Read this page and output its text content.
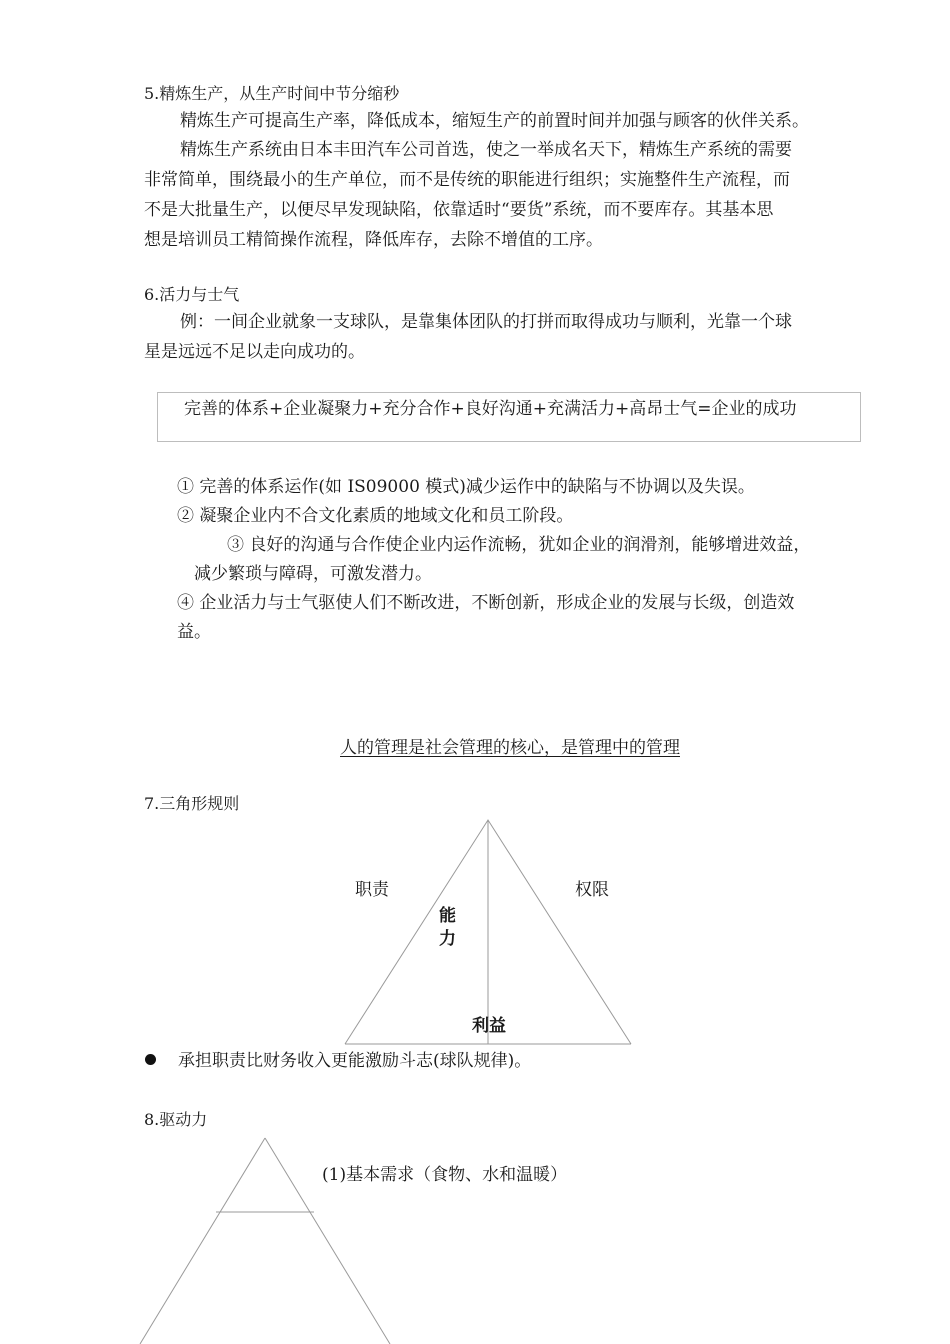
5.精炼生产，从生产时间中节分缩秒
精炼生产可提高生产率，降低成本，缩短生产的前置时间并加强与顾客的伙伴关系。
精炼生产系统由日本丰田汽车公司首选，使之一举成名天下，精炼生产系统的需要
非常简单，围绕最小的生产单位，而不是传统的职能进行组织；实施整件生产流程，而
不是大批量生产，以便尽早发现缺陷，依靠适时“要货”系统，而不要库存。其基本思
想是培训员工精简操作流程，降低库存，去除不增值的工序。
6.活力与士气
例：一间企业就象一支球队，是靠集体团队的打拼而取得成功与顺利，光靠一个球
星是远远不足以走向成功的。
完善的体系+企业凝聚力+充分合作+良好沟通+充满活力+高昂士气=企业的成功
① 完善的体系运作(如 IS09000 模式)减少运作中的缺陷与不协调以及失误。
② 凝聚企业内不合文化素质的地域文化和员工阶段。
③ 良好的沟通与合作使企业内运作流畅，犹如企业的润滑剂，能够增进效益，
减少繁琐与障碍，可激发潜力。
④ 企业活力与士气驱使人们不断改进，不断创新，形成企业的发展与长级，创造效
益。
人的管理是社会管理的核心，是管理中的管理
7.三角形规则
职责	权限
能
力
利益
承担职责比财务收入更能激励斗志(球队规律)。
8.驱动力
(1)基本需求（食物、水和温暖）
